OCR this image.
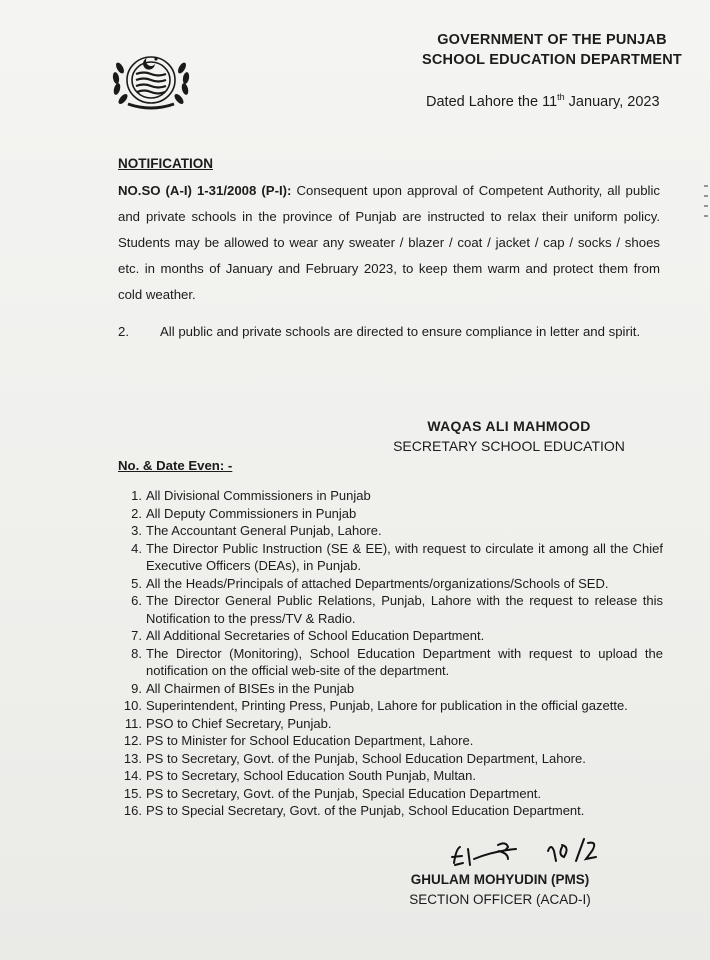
GOVERNMENT OF THE PUNJAB
SCHOOL EDUCATION DEPARTMENT
Dated Lahore the 11th January, 2023
NOTIFICATION
NO.SO (A-I) 1-31/2008 (P-I): Consequent upon approval of Competent Authority, all public and private schools in the province of Punjab are instructed to relax their uniform policy. Students may be allowed to wear any sweater / blazer / coat / jacket / cap / socks / shoes etc. in months of January and February 2023, to keep them warm and protect them from cold weather.
2. All public and private schools are directed to ensure compliance in letter and spirit.
WAQAS ALI MAHMOOD
SECRETARY SCHOOL EDUCATION
No. & Date Even: -
1. All Divisional Commissioners in Punjab
2. All Deputy Commissioners in Punjab
3. The Accountant General Punjab, Lahore.
4. The Director Public Instruction (SE & EE), with request to circulate it among all the Chief Executive Officers (DEAs), in Punjab.
5. All the Heads/Principals of attached Departments/organizations/Schools of SED.
6. The Director General Public Relations, Punjab, Lahore with the request to release this Notification to the press/TV & Radio.
7. All Additional Secretaries of School Education Department.
8. The Director (Monitoring), School Education Department with request to upload the notification on the official web-site of the department.
9. All Chairmen of BISEs in the Punjab
10. Superintendent, Printing Press, Punjab, Lahore for publication in the official gazette.
11. PSO to Chief Secretary, Punjab.
12. PS to Minister for School Education Department, Lahore.
13. PS to Secretary, Govt. of the Punjab, School Education Department, Lahore.
14. PS to Secretary, School Education South Punjab, Multan.
15. PS to Secretary, Govt. of the Punjab, Special Education Department.
16. PS to Special Secretary, Govt. of the Punjab, School Education Department.
GHULAM MOHYUDIN (PMS)
SECTION OFFICER (ACAD-I)
